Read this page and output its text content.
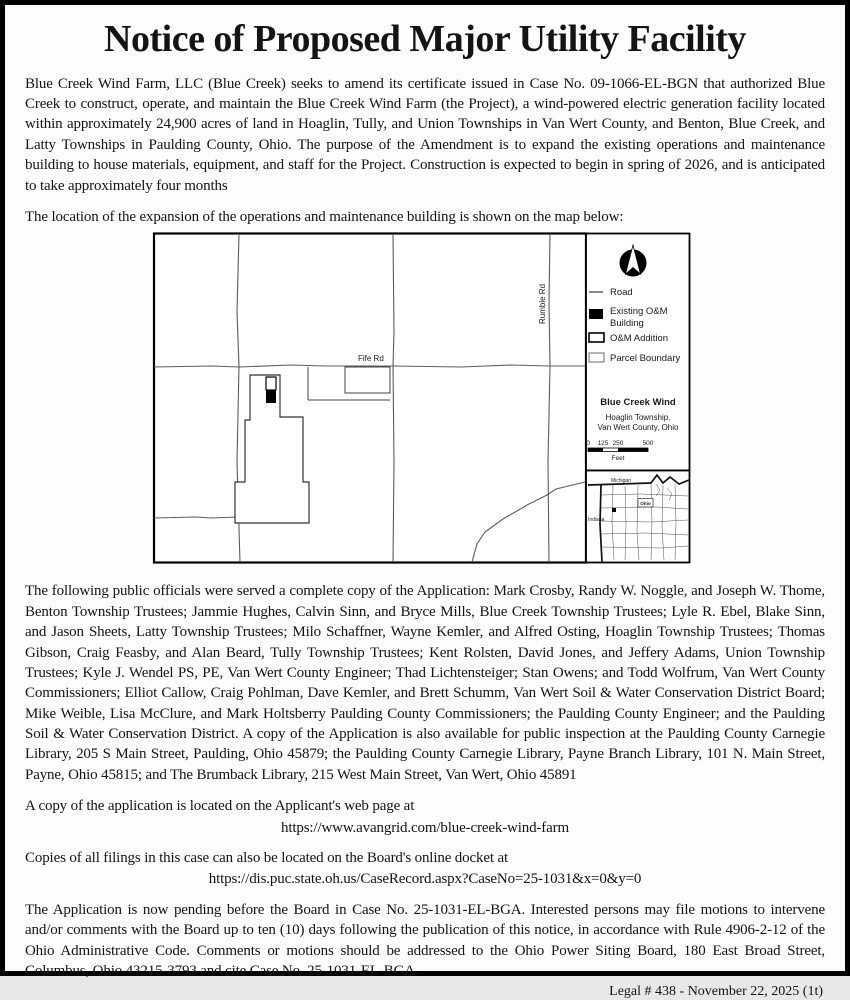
Notice of Proposed Major Utility Facility

Blue Creek Wind Farm, LLC (Blue Creek) seeks to amend its certificate issued in Case No. 09-1066-EL-BGN that authorized Blue Creek to construct, operate, and maintain the Blue Creek Wind Farm (the Project), a wind-powered electric generation facility located within approximately 24,900 acres of land in Hoaglin, Tully, and Union Townships in Van Wert County, and Benton, Blue Creek, and Latty Townships in Paulding County, Ohio. The purpose of the Amendment is to expand the existing operations and maintenance building to house materials, equipment, and staff for the Project. Construction is expected to begin in spring of 2026, and is anticipated to take approximately four months

The location of the expansion of the operations and maintenance building is shown on the map below:

Fife Rd
Rumble Rd	Road
Existing O&M
Building
O&M Addition
Parcel Boundary
Blue Creek Wind
Hoaglin Township,
Van Wert County, Ohio
0 125 250	500
Feet
Michigan
Indiana
Ohio

The following public officials were served a complete copy of the Application: Mark Crosby, Randy W. Noggle, and Joseph W. Thome, Benton Township Trustees; Jammie Hughes, Calvin Sinn, and Bryce Mills, Blue Creek Township Trustees; Lyle R. Ebel, Blake Sinn, and Jason Sheets, Latty Township Trustees; Milo Schaffner, Wayne Kemler, and Alfred Osting, Hoaglin Township Trustees; Thomas Gibson, Craig Feasby, and Alan Beard, Tully Township Trustees; Kent Rolsten, David Jones, and Jeffery Adams, Union Township Trustees; Kyle J. Wendel PS, PE, Van Wert County Engineer; Thad Lichtensteiger; Stan Owens; and Todd Wolfrum, Van Wert County Commissioners; Elliot Callow, Craig Pohlman, Dave Kemler, and Brett Schumm, Van Wert Soil & Water Conservation District Board; Mike Weible, Lisa McClure, and Mark Holtsberry Paulding County Commissioners; the Paulding County Engineer; and the Paulding Soil & Water Conservation District. A copy of the Application is also available for public inspection at the Paulding County Carnegie Library, 205 S Main Street, Paulding, Ohio 45879; the Paulding County Carnegie Library, Payne Branch Library, 101 N. Main Street, Payne, Ohio 45815; and The Brumback Library, 215 West Main Street, Van Wert, Ohio 45891

A copy of the application is located on the Applicant's web page at

https://www.avangrid.com/blue-creek-wind-farm

Copies of all filings in this case can also be located on the Board's online docket at

https://dis.puc.state.oh.us/CaseRecord.aspx?CaseNo=25-1031&x=0&y=0

The Application is now pending before the Board in Case No. 25-1031-EL-BGA. Interested persons may file motions to intervene and/or comments with the Board up to ten (10) days following the publication of this notice, in accordance with Rule 4906-2-12 of the Ohio Administrative Code. Comments or motions should be addressed to the Ohio Power Siting Board, 180 East Broad Street, Columbus, Ohio 43215-3793 and cite Case No. 25-1031-EL-BGA.

Legal # 438 - November 22, 2025 (1t)
